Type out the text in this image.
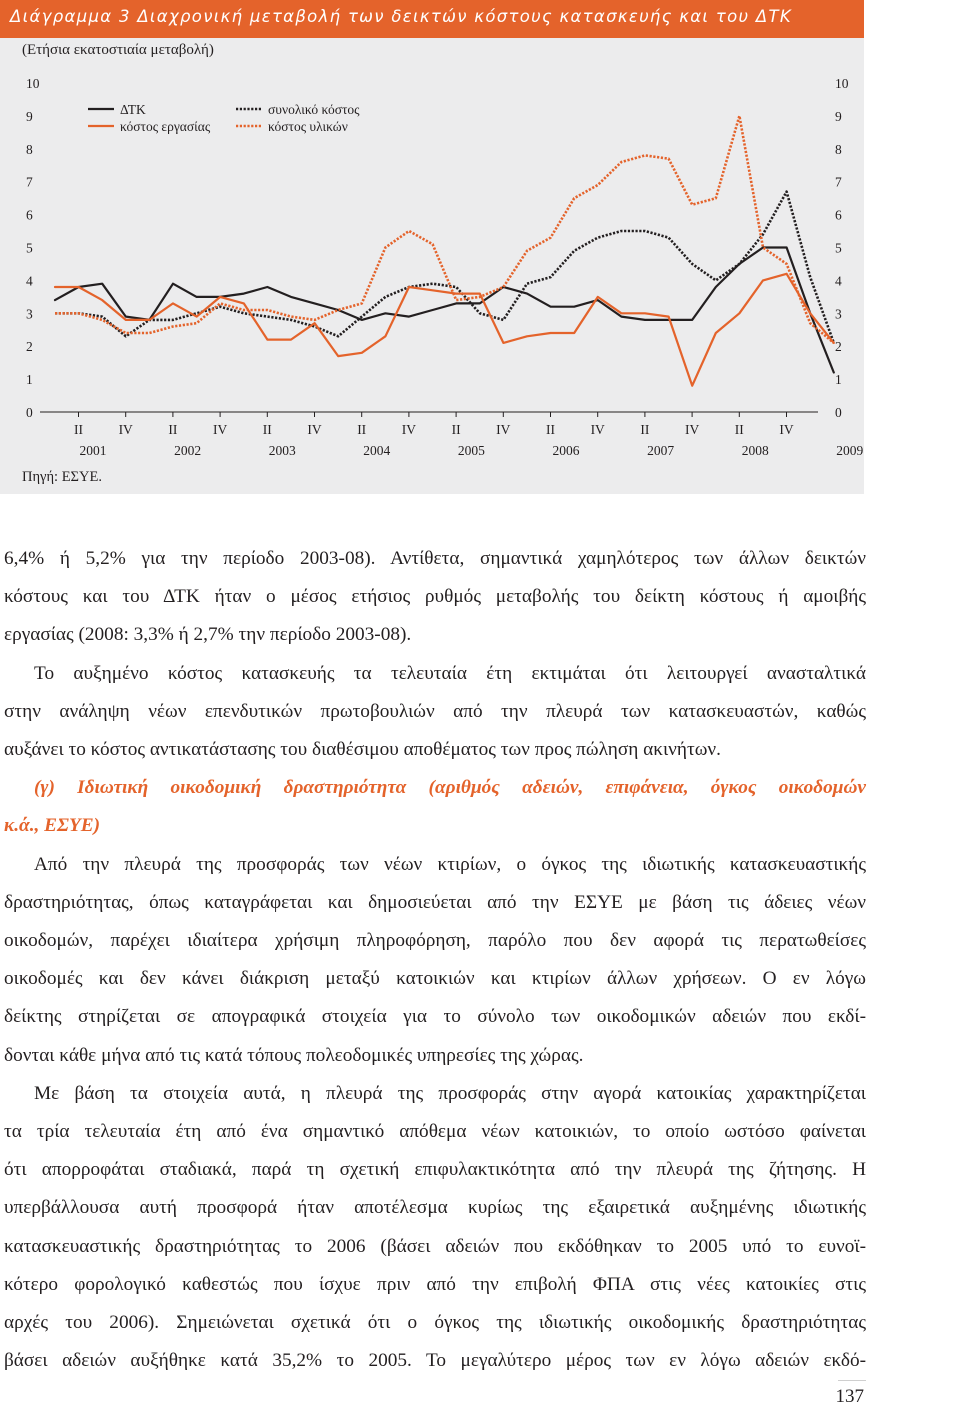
Διάγραμμα 3 Διαχρονική μεταβολή των δεικτών κόστους κατασκευής και του ΔΤΚ
(Ετήσια εκατοστιαία μεταβολή)
0	0
1	1
2	2
3	3
4	4
5	5
6	6
7	7
8	8
9	9
10	10
II	IV	II	IV	II	IV	II	IV	II	IV	II	IV	II	IV	II	IV
2001	2002	2003	2004	2005	2006	2007	2008	2009
ΔΤΚ
κόστος εργασίας
συνολικό κόστος
κόστος υλικών
Πηγή: ΕΣΥΕ.

6,4% ή 5,2% για την περίοδο 2003-08). Αντίθετα, σημαντικά χαμηλότερος των άλλων δεικτών

κόστους και του ΔΤΚ ήταν ο μέσος ετήσιος ρυθμός μεταβολής του δείκτη κόστους ή αμοιβής

εργασίας (2008: 3,3% ή 2,7% την περίοδο 2003-08).

Το αυξημένο κόστος κατασκευής τα τελευταία έτη εκτιμάται ότι λειτουργεί ανασταλτικά

στην ανάληψη νέων επενδυτικών πρωτοβουλιών από την πλευρά των κατασκευαστών, καθώς

αυξάνει το κόστος αντικατάστασης του διαθέσιμου αποθέματος των προς πώληση ακινήτων.

(γ) Ιδιωτική οικοδομική δραστηριότητα (αριθμός αδειών, επιφάνεια, όγκος οικοδομών

κ.ά., ΕΣΥΕ)

Από την πλευρά της προσφοράς των νέων κτιρίων, ο όγκος της ιδιωτικής κατασκευαστικής

δραστηριότητας, όπως καταγράφεται και δημοσιεύεται από την ΕΣΥΕ με βάση τις άδειες νέων

οικοδομών, παρέχει ιδιαίτερα χρήσιμη πληροφόρηση, παρόλο που δεν αφορά τις περατωθείσες

οικοδομές και δεν κάνει διάκριση μεταξύ κατοικιών και κτιρίων άλλων χρήσεων. Ο εν λόγω

δείκτης στηρίζεται σε απογραφικά στοιχεία για το σύνολο των οικοδομικών αδειών που εκδί-

δονται κάθε μήνα από τις κατά τόπους πολεοδομικές υπηρεσίες της χώρας.

Με βάση τα στοιχεία αυτά, η πλευρά της προσφοράς στην αγορά κατοικίας χαρακτηρίζεται

τα τρία τελευταία έτη από ένα σημαντικό απόθεμα νέων κατοικιών, το οποίο ωστόσο φαίνεται

ότι απορροφάται σταδιακά, παρά τη σχετική επιφυλακτικότητα από την πλευρά της ζήτησης. Η

υπερβάλλουσα αυτή προσφορά ήταν αποτέλεσμα κυρίως της εξαιρετικά αυξημένης ιδιωτικής

κατασκευαστικής δραστηριότητας το 2006 (βάσει αδειών που εκδόθηκαν το 2005 υπό το ευνοϊ-

κότερο φορολογικό καθεστώς που ίσχυε πριν από την επιβολή ΦΠΑ στις νέες κατοικίες στις

αρχές του 2006). Σημειώνεται σχετικά ότι ο όγκος της ιδιωτικής οικοδομικής δραστηριότητας

βάσει αδειών αυξήθηκε κατά 35,2% το 2005. Το μεγαλύτερο μέρος των εν λόγω αδειών εκδό-

137
